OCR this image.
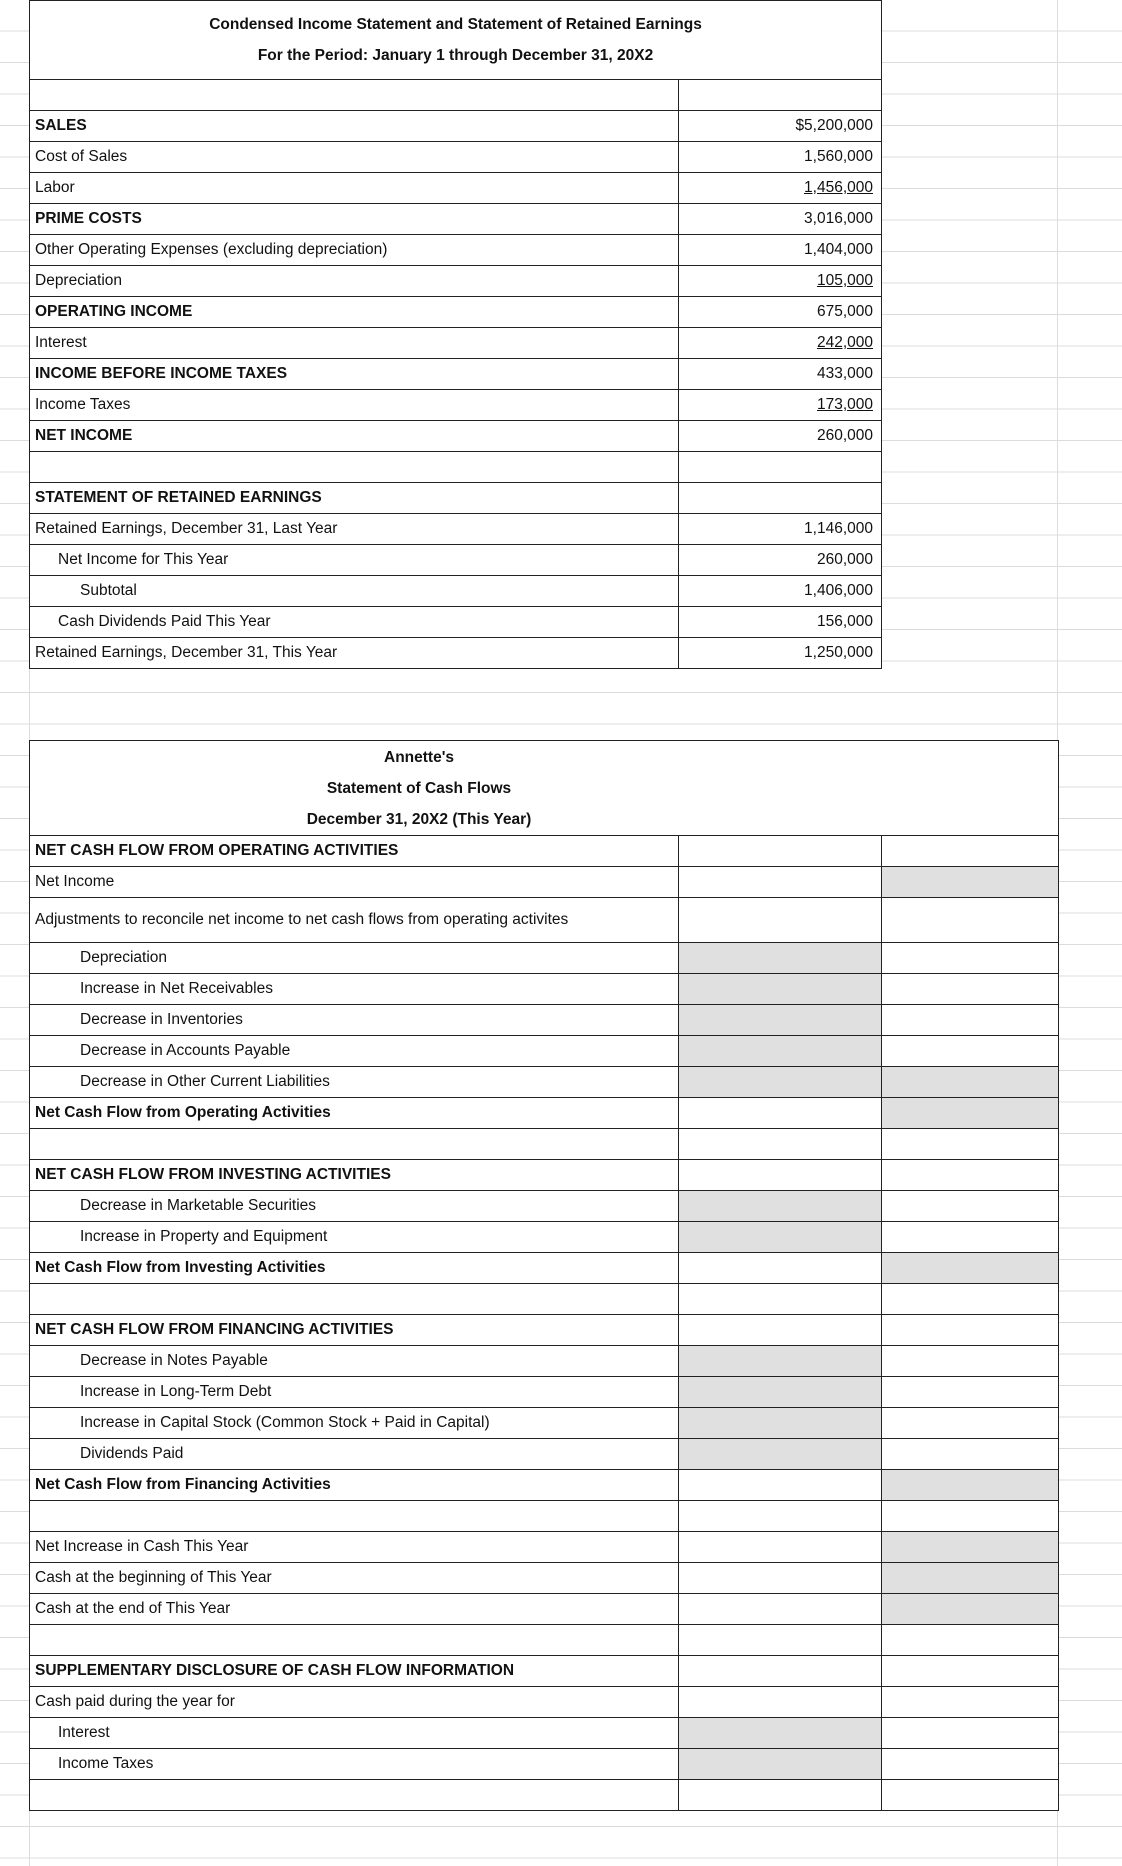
Condensed Income Statement and Statement of Retained Earnings
For the Period: January 1 through December 31, 20X2	

SALES	$5,200,000
Cost of Sales	1,560,000
Labor	1,456,000
PRIME COSTS	3,016,000
Other Operating Expenses (excluding depreciation)	1,404,000
Depreciation	105,000
OPERATING INCOME	675,000
Interest	242,000
INCOME BEFORE INCOME TAXES	433,000
Income Taxes	173,000
NET INCOME	260,000

STATEMENT OF RETAINED EARNINGS	
Retained Earnings, December 31, Last Year	1,146,000
Net Income for This Year	260,000
Subtotal	1,406,000
Cash Dividends Paid This Year	156,000
Retained Earnings, December 31, This Year	1,250,000
Annette's
Statement of Cash Flows
December 31, 20X2 (This Year)		

NET CASH FLOW FROM OPERATING ACTIVITIES		
Net Income		
Adjustments to reconcile net income to net cash flows from operating activites		
Depreciation		
Increase in Net Receivables		
Decrease in Inventories		
Decrease in Accounts Payable		
Decrease in Other Current Liabilities		
Net Cash Flow from Operating Activities		

NET CASH FLOW FROM INVESTING ACTIVITIES		
Decrease in Marketable Securities		
Increase in Property and Equipment		
Net Cash Flow from Investing Activities		

NET CASH FLOW FROM FINANCING ACTIVITIES		
Decrease in Notes Payable		
Increase in Long-Term Debt		
Increase in Capital Stock (Common Stock + Paid in Capital)		
Dividends Paid		
Net Cash Flow from Financing Activities		

Net Increase in Cash This Year		
Cash at the beginning of This Year		
Cash at the end of This Year		

SUPPLEMENTARY DISCLOSURE OF CASH FLOW INFORMATION		
Cash paid during the year for		
Interest		
Income Taxes		
